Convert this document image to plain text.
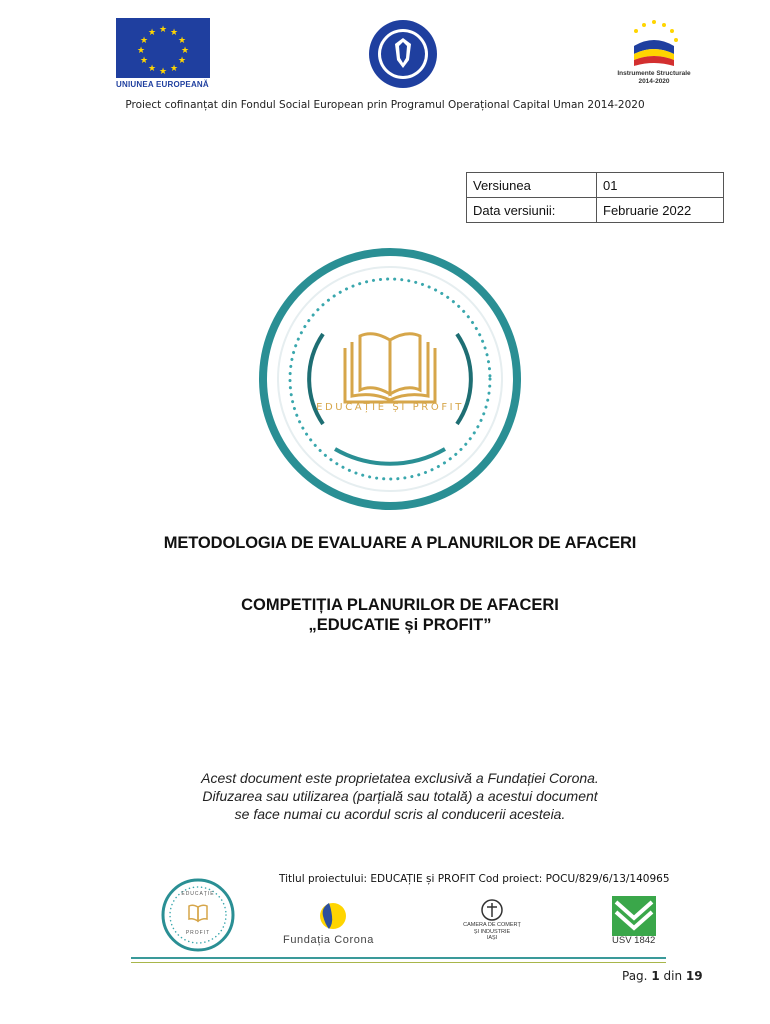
★ ★
★
★
★
★
★
★
★
★
★
★
UNIUNEA EUROPEANĂ
Instrumente Structurale
2014-2020
Proiect cofinanțat din Fondul Social European prin Programul Operațional Capital Uman 2014-2020
Versiunea	01
Data versiunii:	Februarie 2022
EDUCAȚIE ȘI PROFIT
METODOLOGIA DE EVALUARE A PLANURILOR DE AFACERI
COMPETIȚIA PLANURILOR DE AFACERI
„EDUCATIE și PROFIT”
Acest document este proprietatea exclusivă a Fundației Corona.
Difuzarea sau utilizarea (parțială sau totală) a acestui document
se face numai cu acordul scris al conducerii acesteia.
Titlul proiectului: EDUCAȚIE și PROFIT Cod proiect: POCU/829/6/13/140965
EDUCAȚIE
PROFIT
Fundația Corona
CAMERA DE COMERȚ
ȘI INDUSTRIE
IAȘI	USV 1842
Pag. 1 din 19
